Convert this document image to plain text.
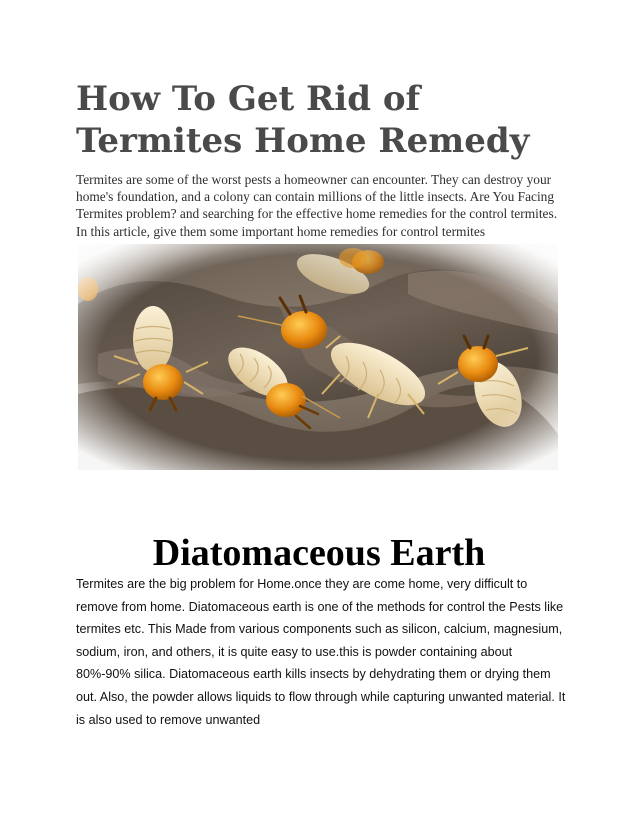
How To Get Rid of Termites Home Remedy

Termites are some of the worst pests a homeowner can encounter. They can destroy your home's foundation, and a colony can contain millions of the little insects. Are You Facing Termites problem? and searching for the effective home remedies for the control termites. In this article, give them some important home remedies for control termites

Diatomaceous Earth

Termites are the big problem for Home.once they are come home, very difficult to remove from home. Diatomaceous earth is one of the methods for control the Pests like termites etc. This Made from various components such as silicon, calcium, magnesium, sodium, iron, and others, it is quite easy to use.this is powder containing about 80%-90% silica. Diatomaceous earth kills insects by dehydrating them or drying them out. Also, the powder allows liquids to flow through while capturing unwanted material. It is also used to remove unwanted
